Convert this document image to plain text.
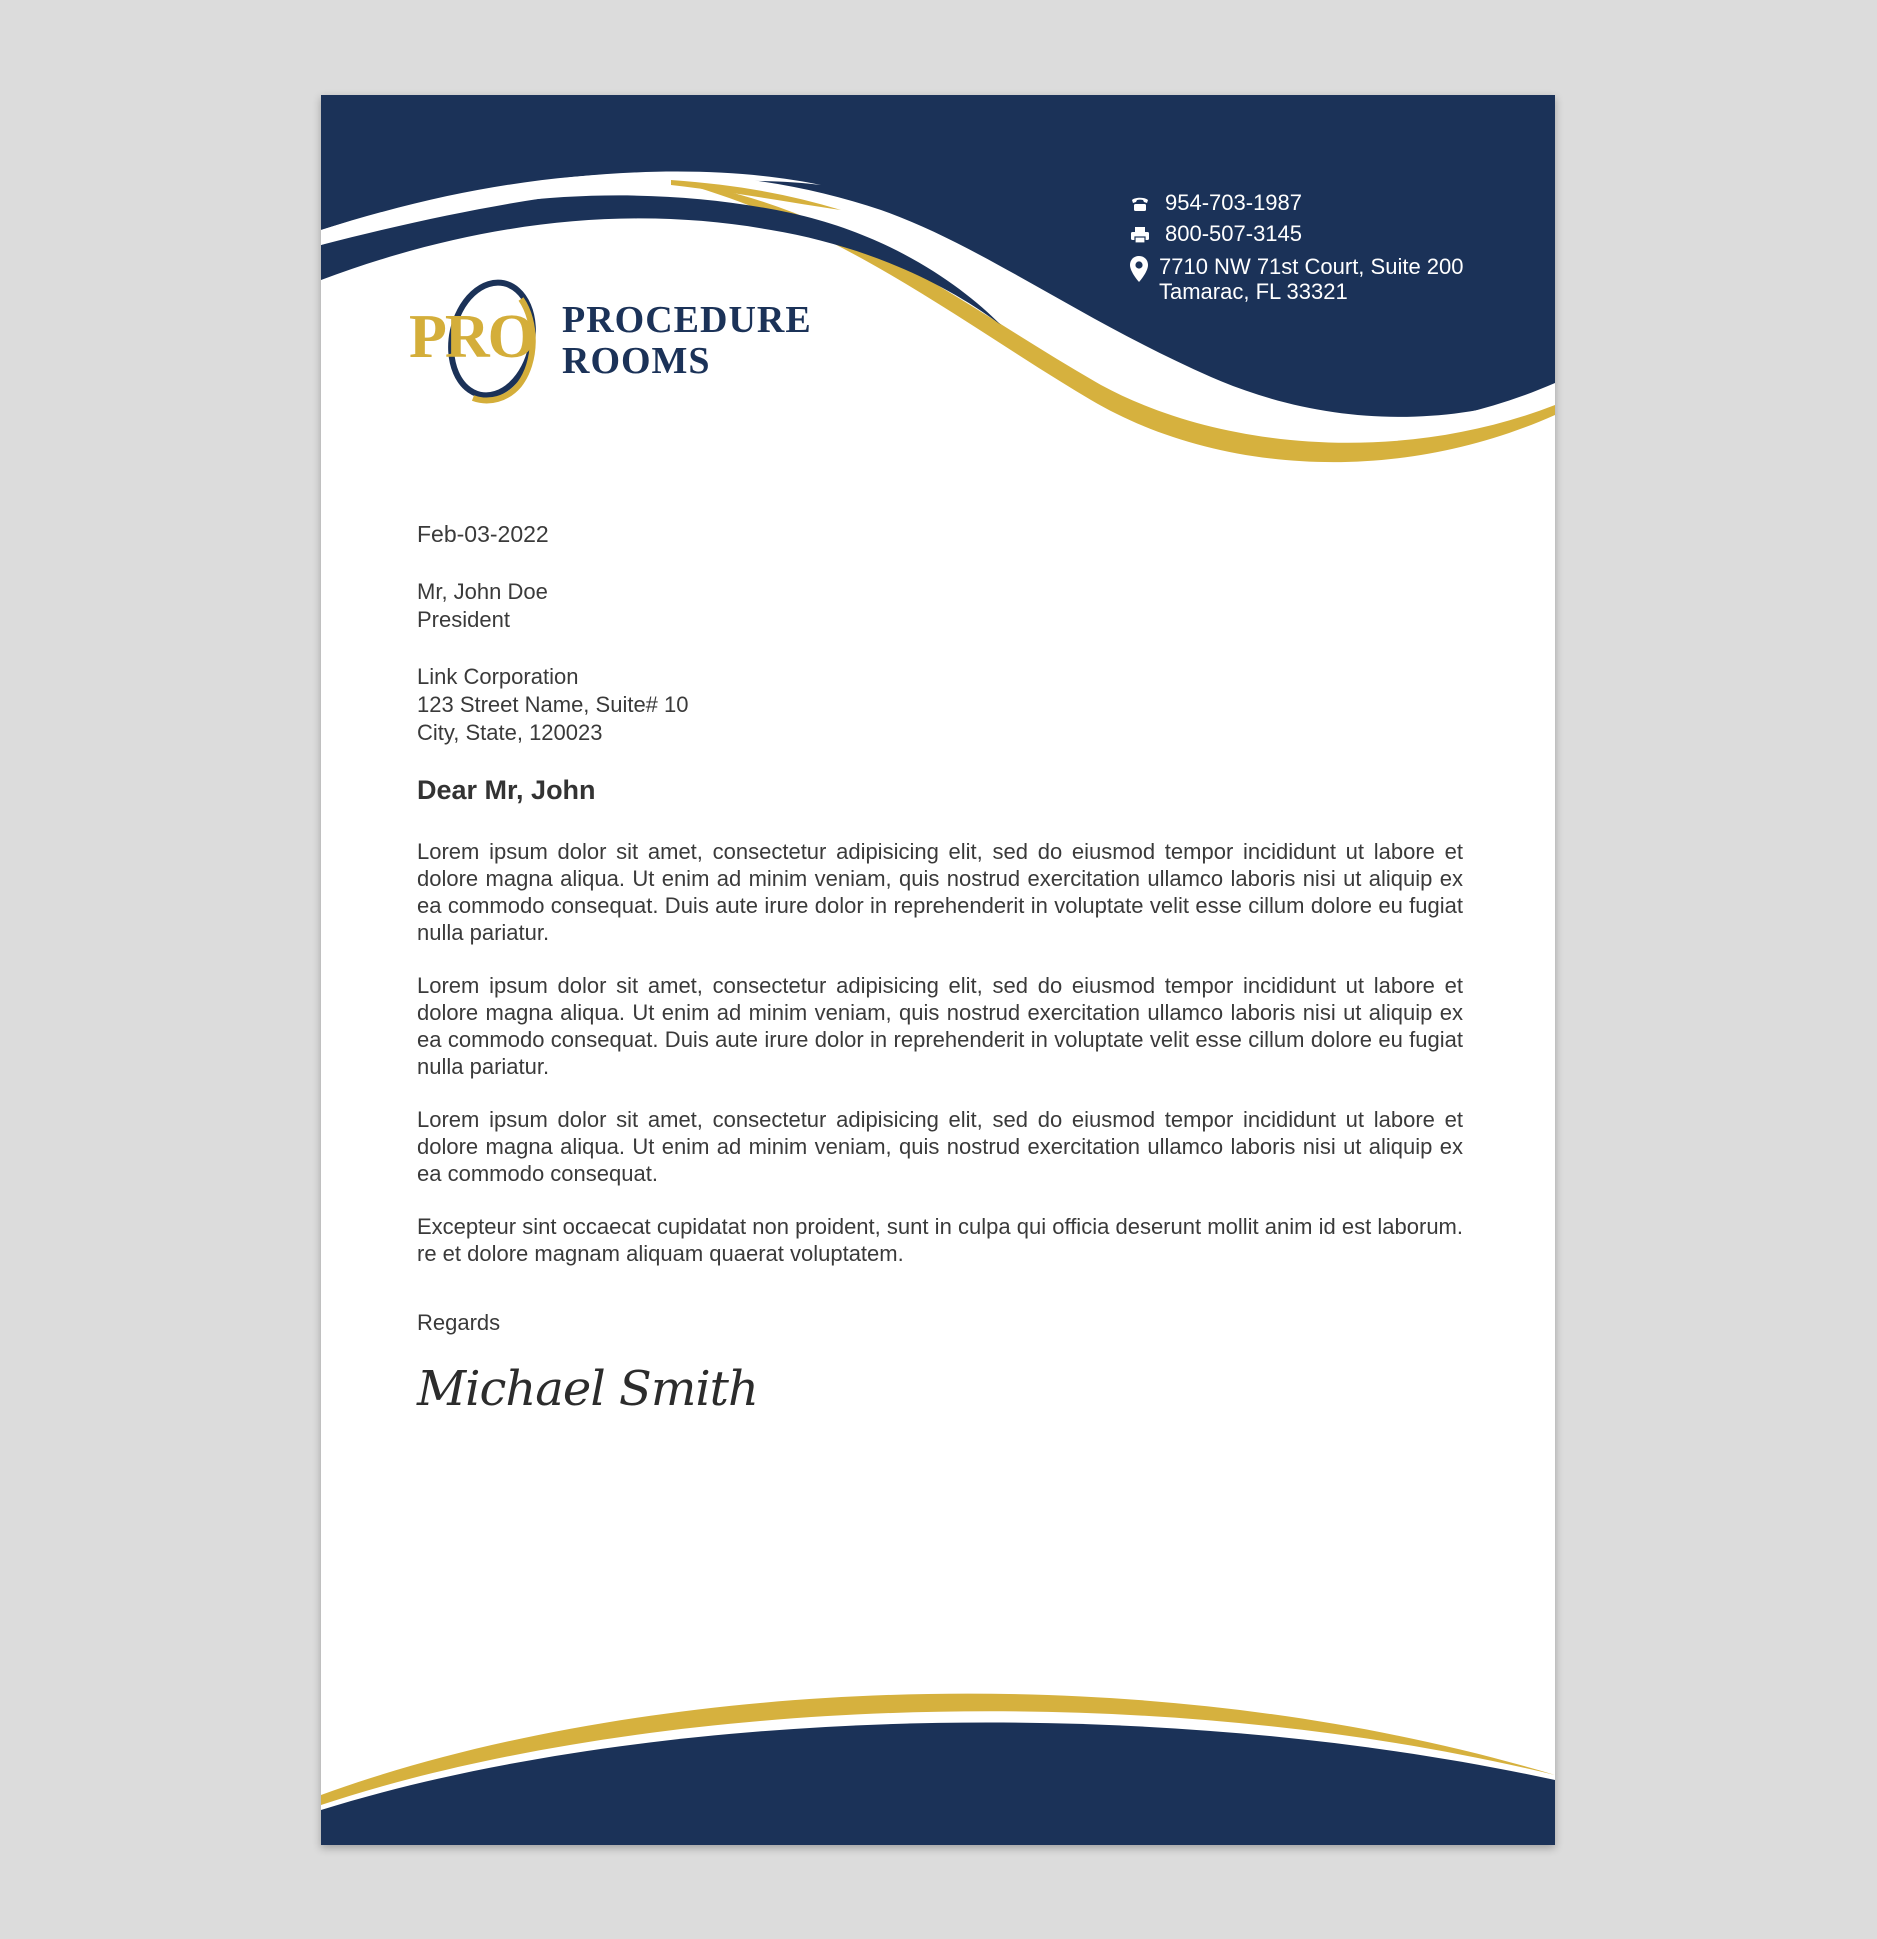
954-703-1987
800-507-3145
7710 NW 71st Court, Suite 200
Tamarac, FL 33321
PRO PROCEDURE
ROOMS
Feb-03-2022
Mr, John Doe
President
Link Corporation
123 Street Name, Suite# 10
City, State, 120023
Dear Mr, John

Lorem ipsum dolor sit amet, consectetur adipisicing elit, sed do eiusmod tempor incididunt ut labore et dolore magna aliqua. Ut enim ad minim veniam, quis nostrud exercitation ullamco laboris nisi ut aliquip ex ea commodo consequat. Duis aute irure dolor in reprehenderit in voluptate velit esse cillum dolore eu fugiat nulla pariatur.

Lorem ipsum dolor sit amet, consectetur adipisicing elit, sed do eiusmod tempor incididunt ut labore et dolore magna aliqua. Ut enim ad minim veniam, quis nostrud exercitation ullamco laboris nisi ut aliquip ex ea commodo consequat. Duis aute irure dolor in reprehenderit in voluptate velit esse cillum dolore eu fugiat nulla pariatur.

Lorem ipsum dolor sit amet, consectetur adipisicing elit, sed do eiusmod tempor incididunt ut labore et dolore magna aliqua. Ut enim ad minim veniam, quis nostrud exercitation ullamco laboris nisi ut aliquip ex ea commodo consequat.

Excepteur sint occaecat cupidatat non proident, sunt in culpa qui officia deserunt mollit anim id est laborum. re et dolore magnam aliquam quaerat voluptatem.

Regards
Michael Smith
